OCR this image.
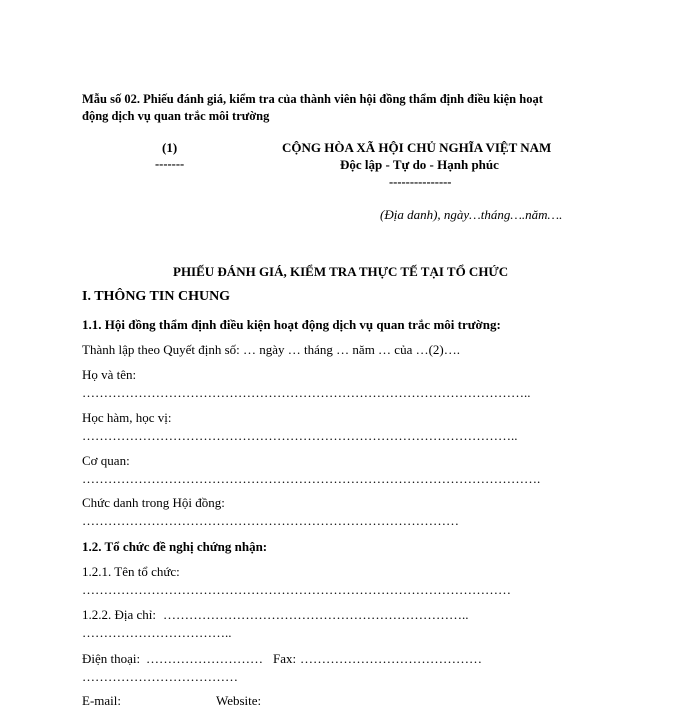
Mẫu số 02. Phiếu đánh giá, kiểm tra của thành viên hội đồng thẩm định điều kiện hoạt
động dịch vụ quan trắc môi trường
(1)
-------
CỘNG HÒA XÃ HỘI CHỦ NGHĨA VIỆT NAM
Độc lập - Tự do - Hạnh phúc
---------------
(Địa danh), ngày…tháng….năm….
PHIẾU ĐÁNH GIÁ, KIỂM TRA THỰC TẾ TẠI TỔ CHỨC
I. THÔNG TIN CHUNG
1.1. Hội đồng thẩm định điều kiện hoạt động dịch vụ quan trắc môi trường:
Thành lập theo Quyết định số: … ngày … tháng … năm … của …(2)….
Họ và tên:
…………………………………………………………………………………………..
Học hàm, học vị:
………………………………………………………………………………………..
Cơ quan:
…………………………………………………………………………………………….
Chức danh trong Hội đồng:
……………………………………………………………………………
1.2. Tổ chức đề nghị chứng nhận:
1.2.1. Tên tổ chức:
………………………………………………………………………………………
1.2.2. Địa chỉ: ……………………………………………………………..
……………………………..
Điện thoại: ……………………… Fax: ……………………………………
………………………………
E-mail:	Website:
